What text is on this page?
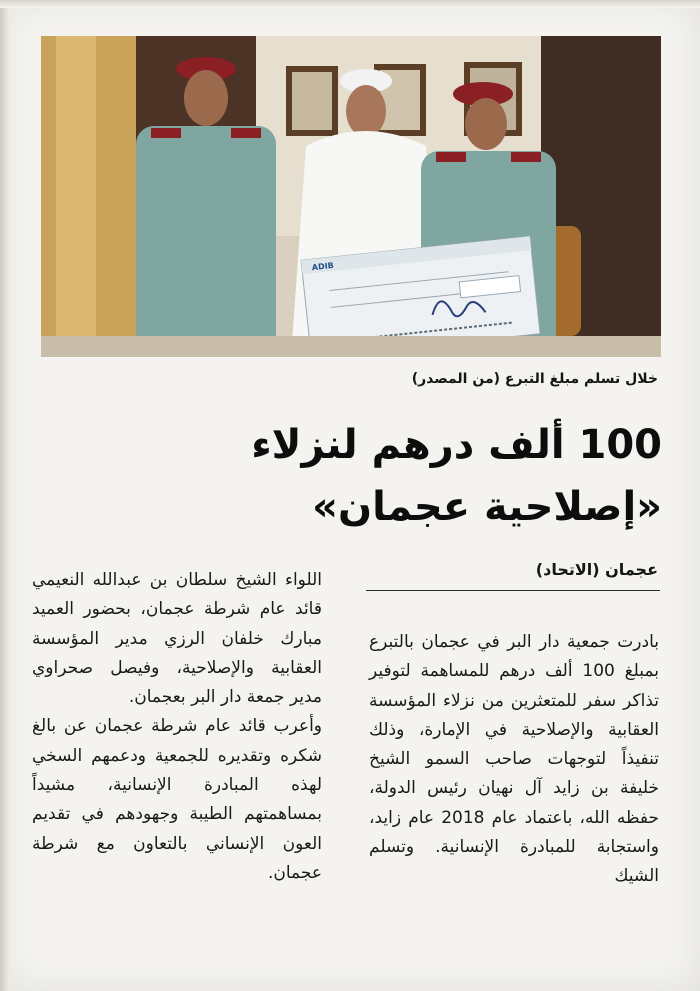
ADIB
خلال تسلم مبلغ التبرع (من المصدر)
100 ألف درهم لنزلاء «إصلاحية عجمان»
عجمان (الاتحاد)

بادرت جمعية دار البر في عجمان بالتبرع بمبلغ 100 ألف درهم للمساهمة لتوفير تذاكر سفر للمتعثرين من نزلاء المؤسسة العقابية والإصلاحية في الإمارة، وذلك تنفيذاً لتوجهات صاحب السمو الشيخ خليفة بن زايد آل نهيان رئيس الدولة، حفظه الله، باعتماد عام 2018 عام زايد، واستجابة للمبادرة الإنسانية. وتسلم الشيك

اللواء الشيخ سلطان بن عبدالله النعيمي قائد عام شرطة عجمان، بحضور العميد مبارك خلفان الرزي مدير المؤسسة العقابية والإصلاحية، وفيصل صحراوي مدير جمعة دار البر بعجمان.

وأعرب قائد عام شرطة عجمان عن بالغ شكره وتقديره للجمعية ودعمهم السخي لهذه المبادرة الإنسانية، مشيداً بمساهمتهم الطيبة وجهودهم في تقديم العون الإنساني بالتعاون مع شرطة عجمان.
